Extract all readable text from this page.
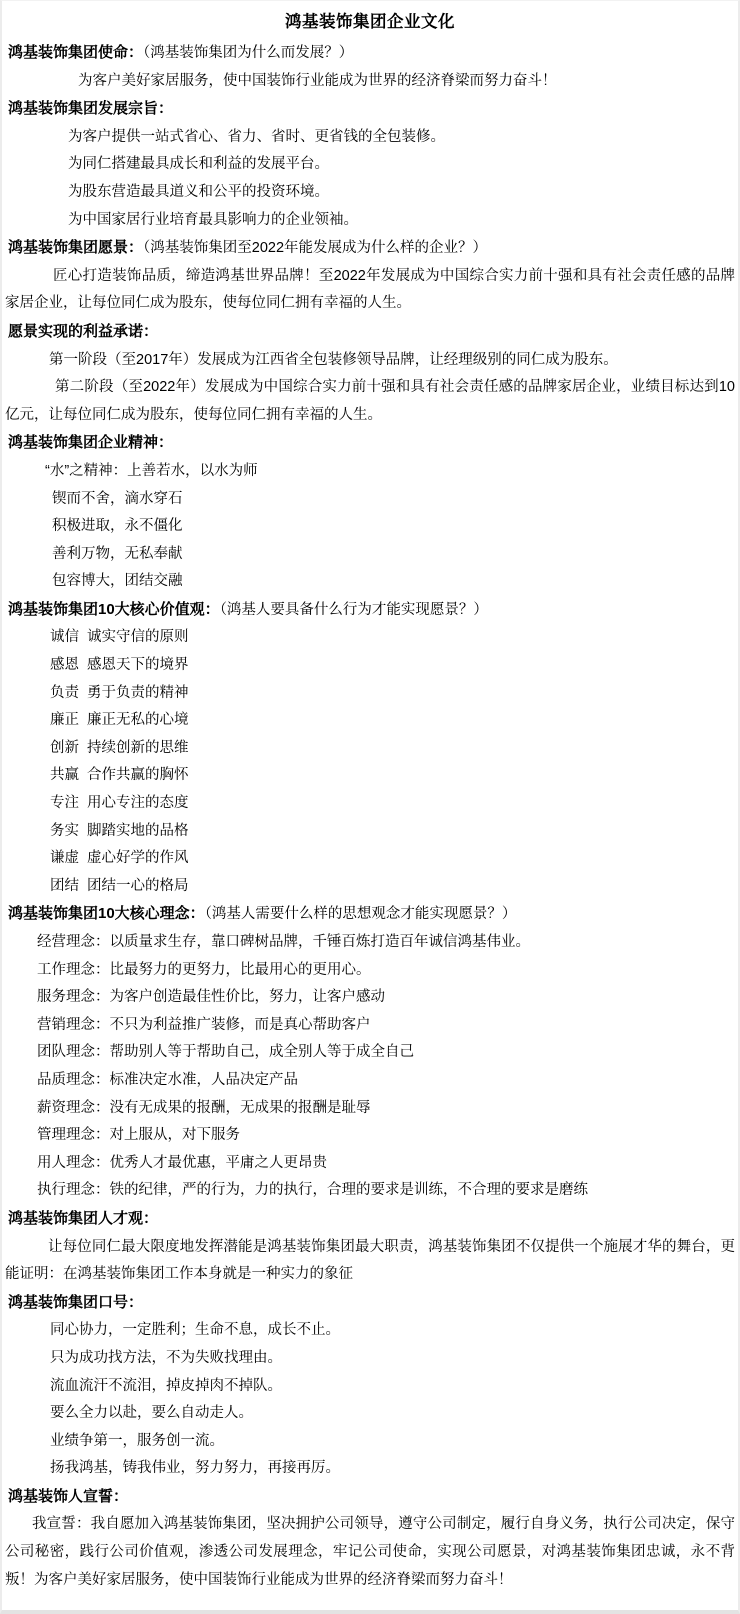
鸿基装饰集团企业文化
鸿基装饰集团使命：（鸿基装饰集团为什么而发展？）
为客户美好家居服务，使中国装饰行业能成为世界的经济脊梁而努力奋斗！
鸿基装饰集团发展宗旨：
为客户提供一站式省心、省力、省时、更省钱的全包装修。
为同仁搭建最具成长和利益的发展平台。
为股东营造最具道义和公平的投资环境。
为中国家居行业培育最具影响力的企业领袖。
鸿基装饰集团愿景：（鸿基装饰集团至2022年能发展成为什么样的企业？）
匠心打造装饰品质，缔造鸿基世界品牌！至2022年发展成为中国综合实力前十强和具有社会责任感的品牌家居企业，让每位同仁成为股东，使每位同仁拥有幸福的人生。
愿景实现的利益承诺：
第一阶段（至2017年）发展成为江西省全包装修领导品牌，让经理级别的同仁成为股东。
第二阶段（至2022年）发展成为中国综合实力前十强和具有社会责任感的品牌家居企业，业绩目标达到10亿元，让每位同仁成为股东，使每位同仁拥有幸福的人生。
鸿基装饰集团企业精神：
“水”之精神：上善若水，以水为师
锲而不舍，滴水穿石
积极进取，永不僵化
善利万物，无私奉献
包容博大，团结交融
鸿基装饰集团10大核心价值观：（鸿基人要具备什么行为才能实现愿景？）
诚信  诚实守信的原则
感恩  感恩天下的境界
负责  勇于负责的精神
廉正  廉正无私的心境
创新  持续创新的思维
共赢  合作共赢的胸怀
专注  用心专注的态度
务实  脚踏实地的品格
谦虚  虚心好学的作风
团结  团结一心的格局
鸿基装饰集团10大核心理念：（鸿基人需要什么样的思想观念才能实现愿景？）
经营理念：以质量求生存，靠口碑树品牌，千锤百炼打造百年诚信鸿基伟业。
工作理念：比最努力的更努力，比最用心的更用心。
服务理念：为客户创造最佳性价比，努力，让客户感动
营销理念：不只为利益推广装修，而是真心帮助客户
团队理念：帮助别人等于帮助自己，成全别人等于成全自己
品质理念：标准决定水准，人品决定产品
薪资理念：没有无成果的报酬，无成果的报酬是耻辱
管理理念：对上服从，对下服务
用人理念：优秀人才最优惠，平庸之人更昂贵
执行理念：铁的纪律，严的行为，力的执行，合理的要求是训练，不合理的要求是磨练
鸿基装饰集团人才观：
让每位同仁最大限度地发挥潜能是鸿基装饰集团最大职责，鸿基装饰集团不仅提供一个施展才华的舞台，更能证明：在鸿基装饰集团工作本身就是一种实力的象征
鸿基装饰集团口号：
同心协力，一定胜利；生命不息，成长不止。
只为成功找方法，不为失败找理由。
流血流汗不流泪，掉皮掉肉不掉队。
要么全力以赴，要么自动走人。
业绩争第一，服务创一流。
扬我鸿基，铸我伟业，努力努力，再接再厉。
鸿基装饰人宣誓：
我宣誓：我自愿加入鸿基装饰集团，坚决拥护公司领导，遵守公司制定，履行自身义务，执行公司决定，保守公司秘密，践行公司价值观，渗透公司发展理念，牢记公司使命，实现公司愿景，对鸿基装饰集团忠诚，永不背叛！为客户美好家居服务，使中国装饰行业能成为世界的经济脊梁而努力奋斗！
